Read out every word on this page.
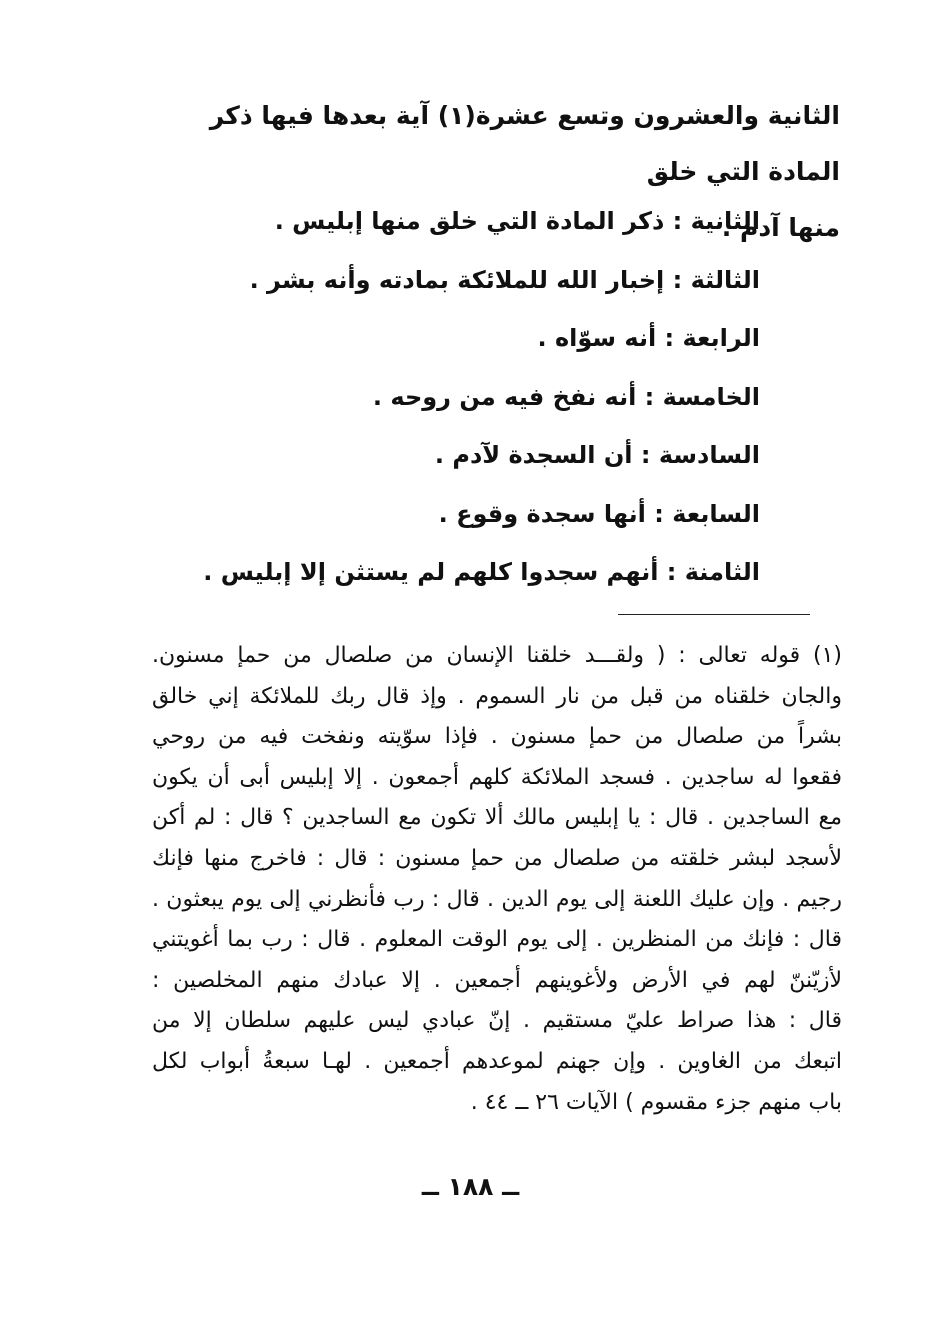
الثانية والعشرون وتسع عشرة(١) آية بعدها فيها ذكر المادة التي خلق

منها آدم .

الثانية : ذكر المادة التي خلق منها إبليس .
الثالثة : إخبار الله للملائكة بمادته وأنه بشر .
الرابعة : أنه سوّاه .
الخامسة : أنه نفخ فيه من روحه .
السادسة : أن السجدة لآدم .
السابعة : أنها سجدة وقوع .
الثامنة : أنهم سجدوا كلهم لم يستثن إلا إبليس .

(١) قوله تعالى : ( ولقـــد خلقنا الإنسان من صلصال من حمإ مسنون.

والجان خلقناه من قبل من نار السموم . وإذ قال ربك للملائكة إني خالق

بشراً من صلصال من حمإ مسنون . فإذا سوّيته ونفخت فيه من روحي

فقعوا له ساجدين . فسجد الملائكة كلهم أجمعون . إلا إبليس أبى أن يكون

مع الساجدين . قال : يا إبليس مالك ألا تكون مع الساجدين ؟ قال : لم أكن

لأسجد لبشر خلقته من صلصال من حمإ مسنون : قال : فاخرج منها فإنك

رجيم . وإن عليك اللعنة إلى يوم الدين . قال : رب فأنظرني إلى يوم يبعثون .

قال : فإنك من المنظرين . إلى يوم الوقت المعلوم . قال : رب بما أغويتني

لأزيّننّ لهم في الأرض ولأغوينهم أجمعين . إلا عبادك منهم المخلصين :

قال : هذا صراط عليّ مستقيم . إنّ عبادي ليس عليهم سلطان إلا من

اتبعك من الغاوين . وإن جهنم لموعدهم أجمعين . لهـا سبعةُ أبواب لكل

باب منهم جزء مقسوم ) الآيات ٢٦ ــ ٤٤ .

ــ ١٨٨ ــ
